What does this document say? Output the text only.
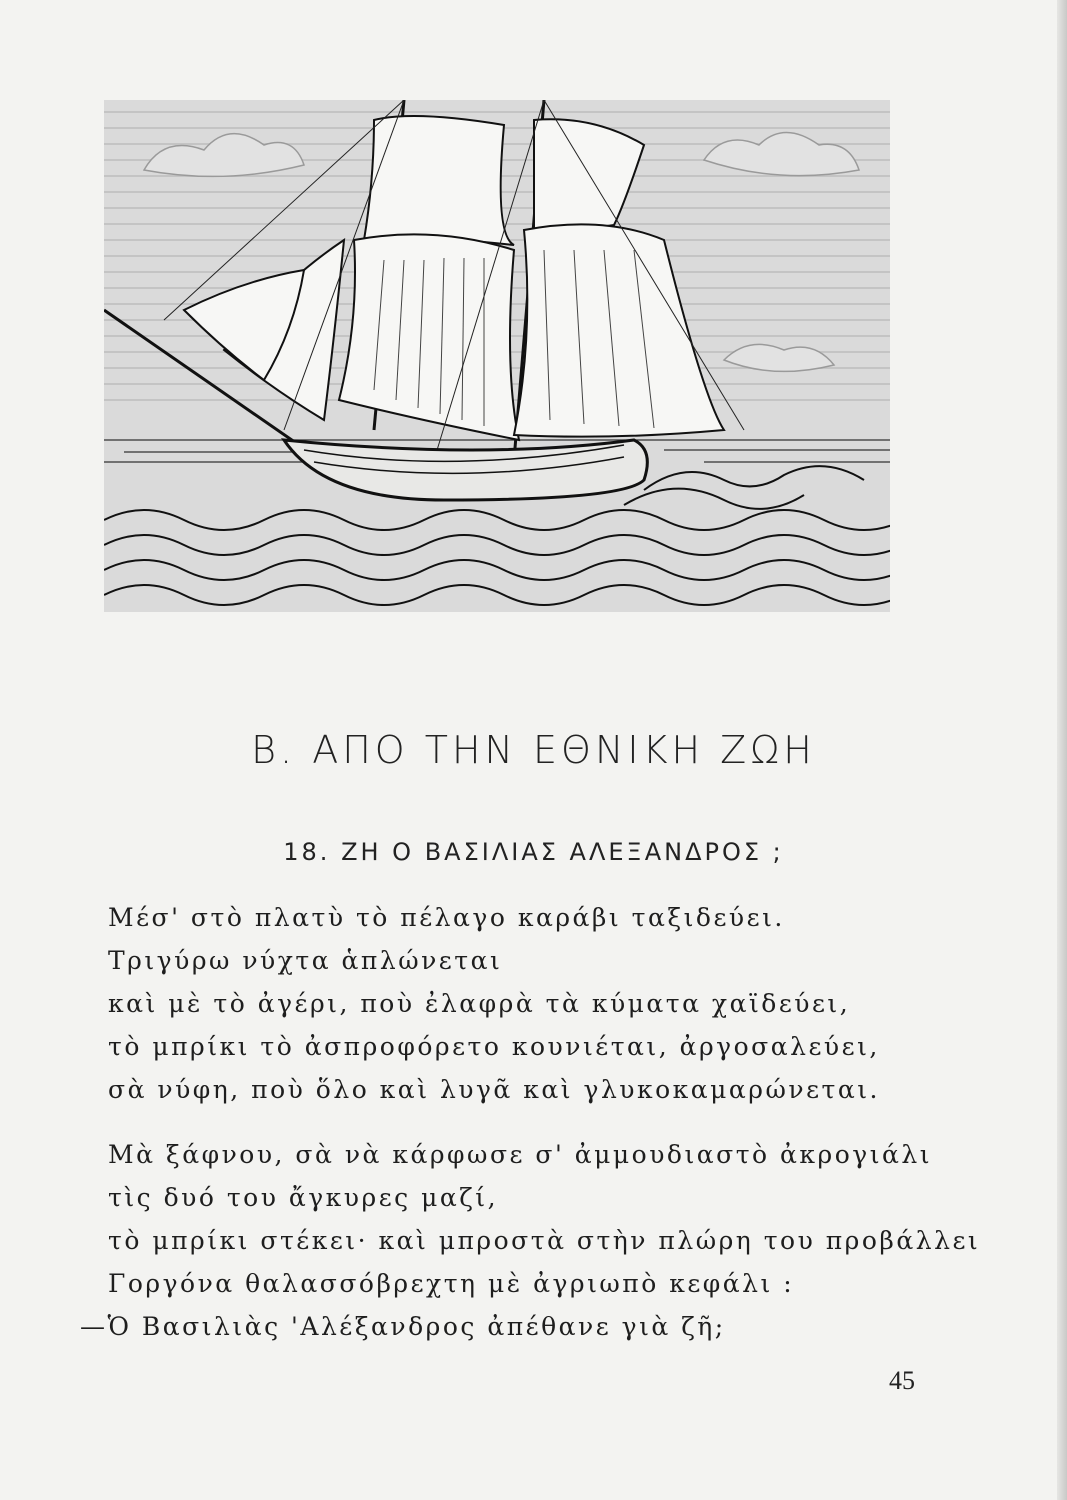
Β. ΑΠΟ ΤΗΝ ΕΘΝΙΚΗ ΖΩΗ
18. ΖΗ Ο ΒΑΣΙΛΙΑΣ ΑΛΕΞΑΝΔΡΟΣ ;
Μέσ' στὸ πλατὺ τὸ πέλαγο καράβι ταξιδεύει.
Τριγύρω νύχτα ἁπλώνεται
καὶ μὲ τὸ ἀγέρι, ποὺ ἐλαφρὰ τὰ κύματα χαϊδεύει,
τὸ μπρίκι τὸ ἀσπροφόρετο κουνιέται, ἀργοσαλεύει,
σὰ νύφη, ποὺ ὅλο καὶ λυγᾶ καὶ γλυκοκαμαρώνεται.
Μὰ ξάφνου, σὰ νὰ κάρφωσε σ' ἀμμουδιαστὸ ἀκρογιάλι
τὶς δυό του ἄγκυρες μαζί,
τὸ μπρίκι στέκει· καὶ μπροστὰ στὴν πλώρη του προβάλλει
Γοργόνα θαλασσόβρεχτη μὲ ἀγριωπὸ κεφάλι :
—Ὁ Βασιλιὰς 'Αλέξανδρος ἀπέθανε γιὰ ζῆ;
45
